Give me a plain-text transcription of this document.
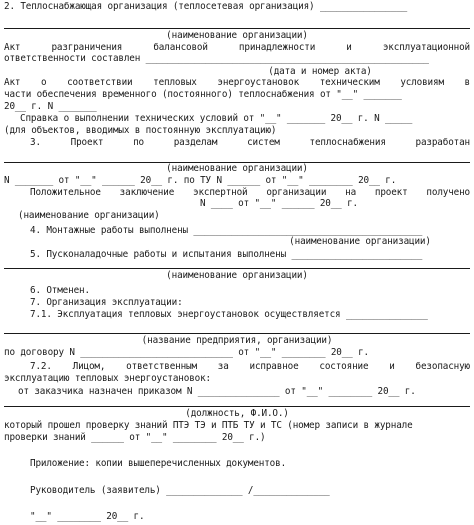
2. Теплоснабжающая организация (теплосетевая организация) ________________
(наименование организации)
Акт разграничения балансовой принадлежности и эксплуатационной
ответственности составлен ____________________________________________________
(дата и номер акта)
Акт о соответствии тепловых энергоустановок техническим условиям в
части обеспечения временного (постоянного) теплоснабжения от "__" _______
20__ г. N _______
Справка о выполнении технических условий от "__" _______ 20__ г. N _____
(для объектов, вводимых в постоянную эксплуатацию)
3. Проект по разделам систем теплоснабжения разработан
(наименование организации)
N _______ от "__" ______ 20__ г. по ТУ N ______ от "__" ________ 20__ г.
Положительное заключение экспертной организации на проект получено
N ____ от "__" ______ 20__ г.
(наименование организации)
4. Монтажные работы выполнены __________________________________________
(наименование организации)
5. Пусконаладочные работы и испытания выполнены ________________________
(наименование организации)
6. Отменен.
7. Организация эксплуатации:
7.1. Эксплуатация тепловых энергоустановок осуществляется _______________
(название предприятия, организации)
по договору N ____________________________ от "__" ________ 20__ г.
7.2. Лицом, ответственным за исправное состояние и безопасную
эксплуатацию тепловых энергоустановок:
от заказчика назначен приказом N _______________ от "__" ________ 20__ г.
(должность, Ф.И.О.)
который прошел проверку знаний ПТЭ ТЭ и ПТБ ТУ и ТС (номер записи в журнале
проверки знаний ______ от "__" ________ 20__ г.)
Приложение: копии вышеперечисленных документов.
Руководитель (заявитель) ______________ /______________
"__" ________ 20__ г.
